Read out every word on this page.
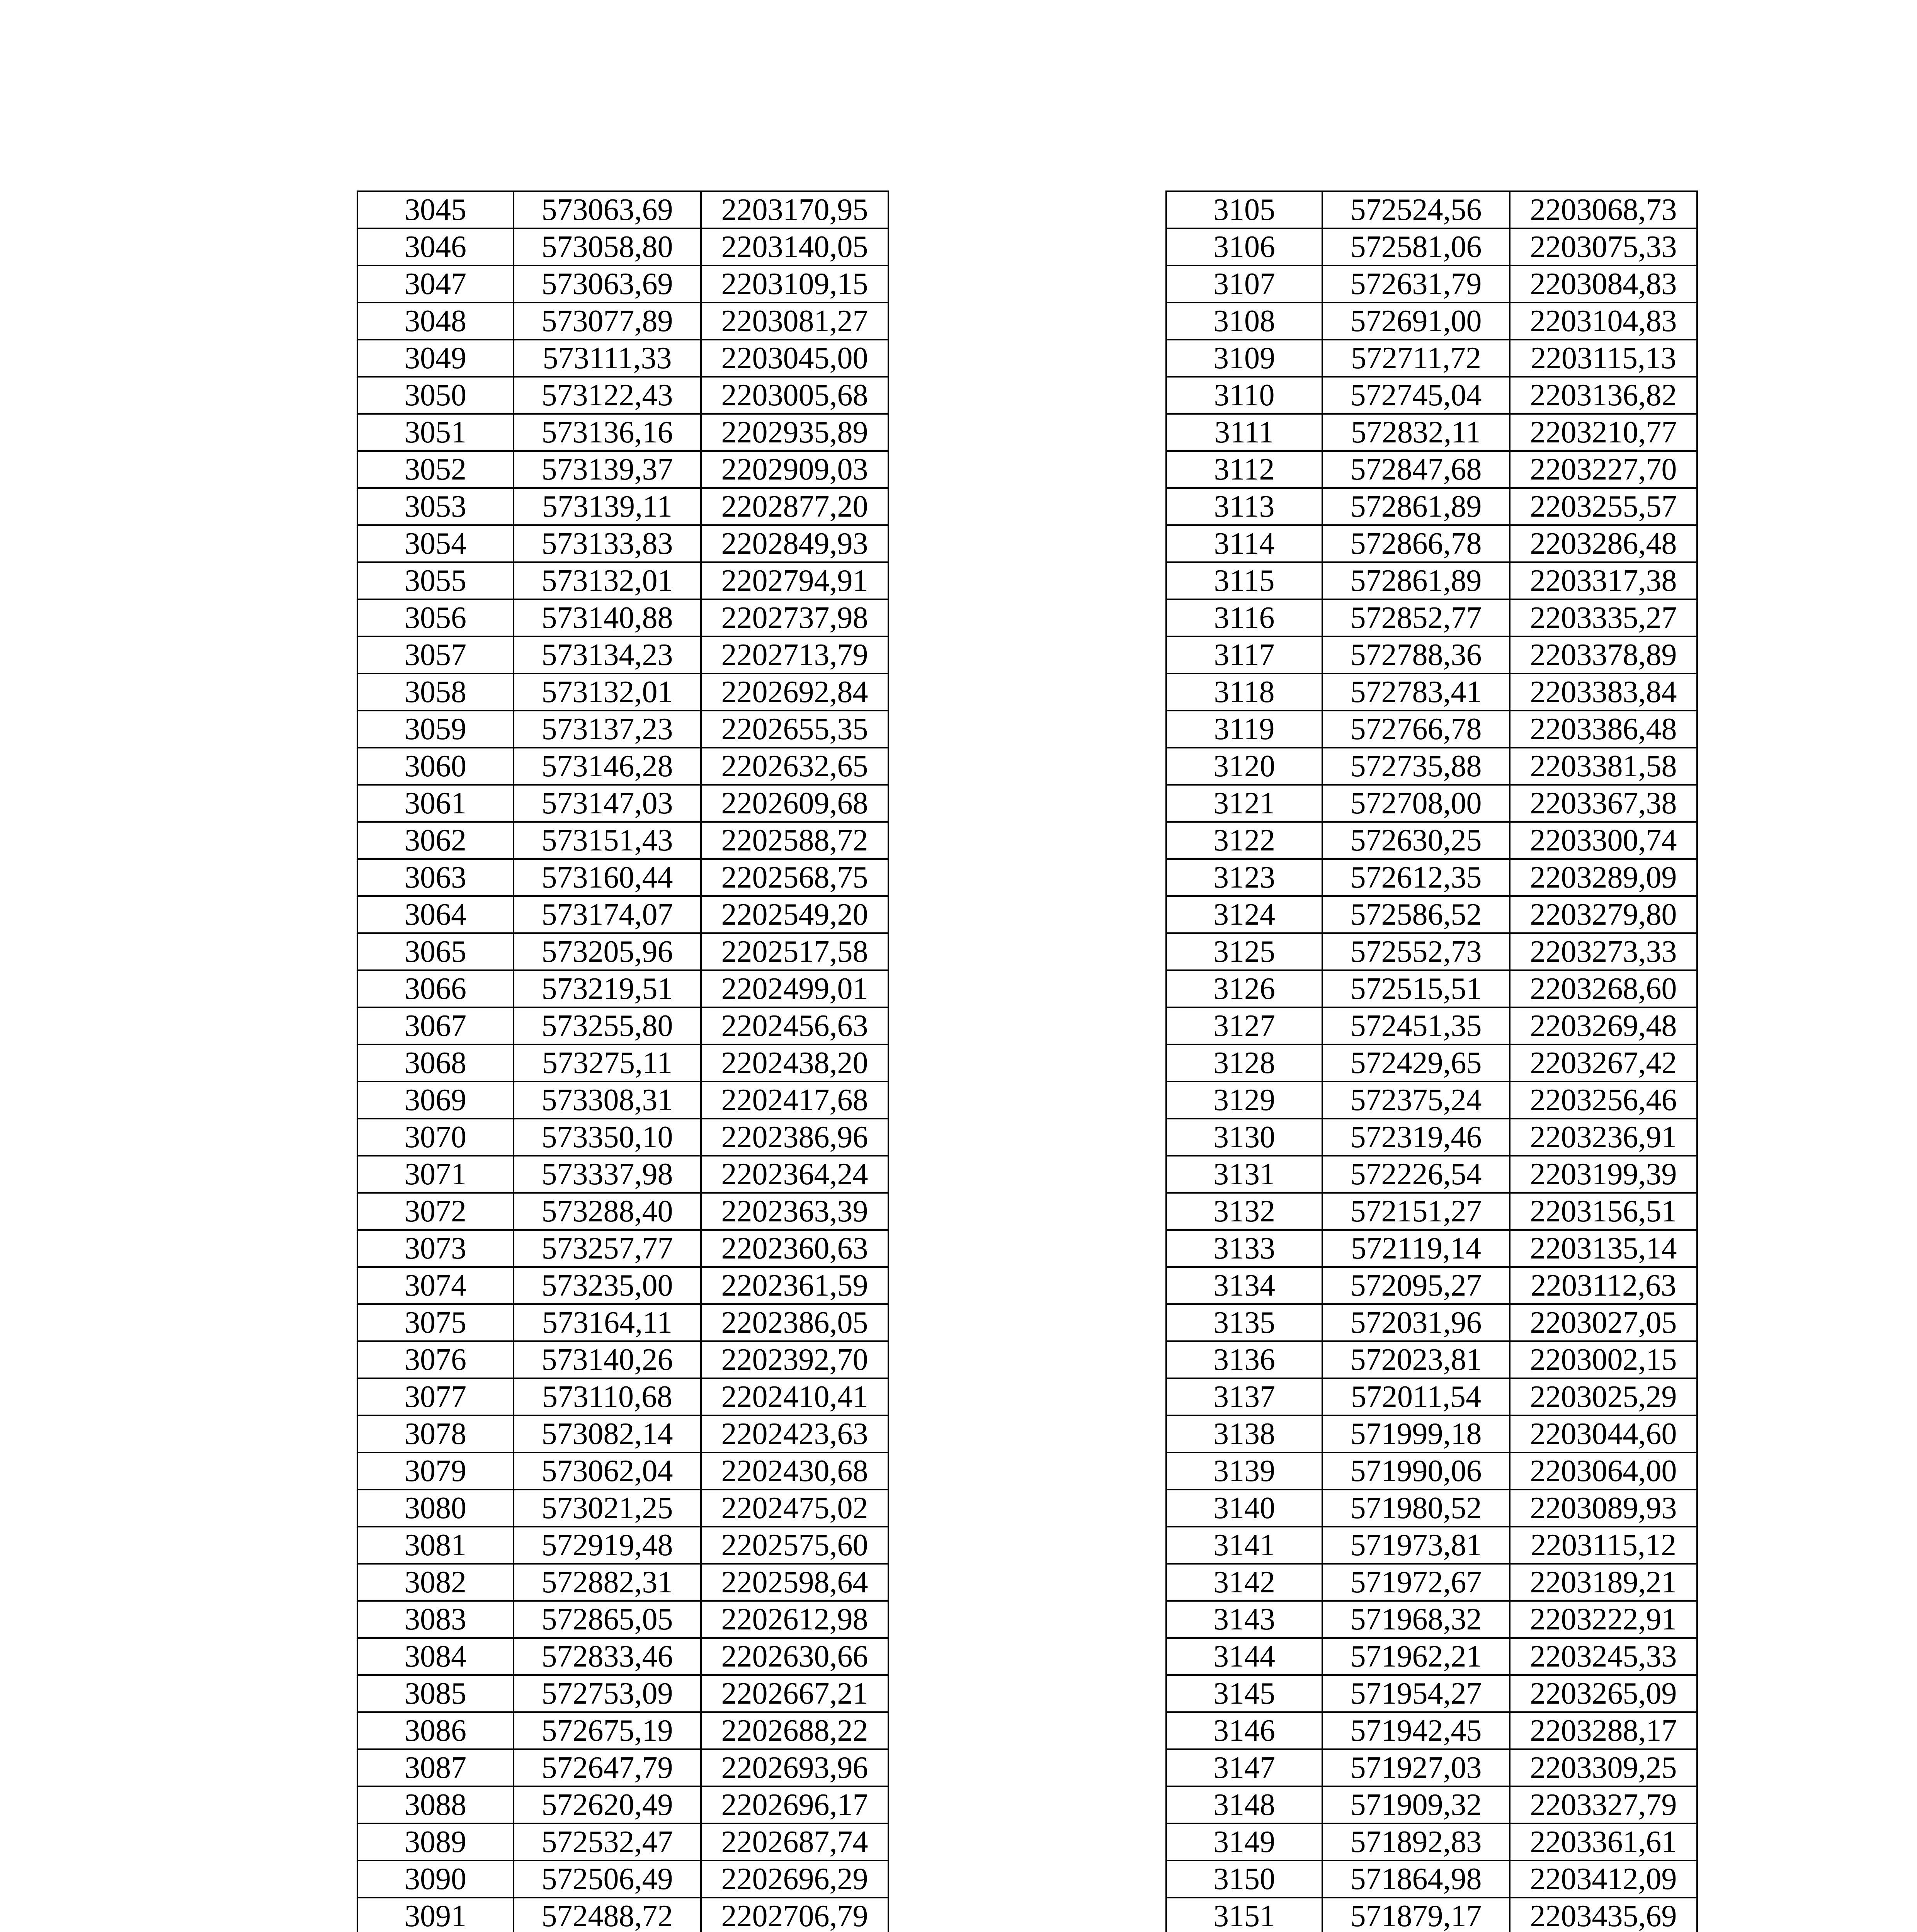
3045	573063,69	2203170,95
3046	573058,80	2203140,05
3047	573063,69	2203109,15
3048	573077,89	2203081,27
3049	573111,33	2203045,00
3050	573122,43	2203005,68
3051	573136,16	2202935,89
3052	573139,37	2202909,03
3053	573139,11	2202877,20
3054	573133,83	2202849,93
3055	573132,01	2202794,91
3056	573140,88	2202737,98
3057	573134,23	2202713,79
3058	573132,01	2202692,84
3059	573137,23	2202655,35
3060	573146,28	2202632,65
3061	573147,03	2202609,68
3062	573151,43	2202588,72
3063	573160,44	2202568,75
3064	573174,07	2202549,20
3065	573205,96	2202517,58
3066	573219,51	2202499,01
3067	573255,80	2202456,63
3068	573275,11	2202438,20
3069	573308,31	2202417,68
3070	573350,10	2202386,96
3071	573337,98	2202364,24
3072	573288,40	2202363,39
3073	573257,77	2202360,63
3074	573235,00	2202361,59
3075	573164,11	2202386,05
3076	573140,26	2202392,70
3077	573110,68	2202410,41
3078	573082,14	2202423,63
3079	573062,04	2202430,68
3080	573021,25	2202475,02
3081	572919,48	2202575,60
3082	572882,31	2202598,64
3083	572865,05	2202612,98
3084	572833,46	2202630,66
3085	572753,09	2202667,21
3086	572675,19	2202688,22
3087	572647,79	2202693,96
3088	572620,49	2202696,17
3089	572532,47	2202687,74
3090	572506,49	2202696,29
3091	572488,72	2202706,79

3105	572524,56	2203068,73
3106	572581,06	2203075,33
3107	572631,79	2203084,83
3108	572691,00	2203104,83
3109	572711,72	2203115,13
3110	572745,04	2203136,82
3111	572832,11	2203210,77
3112	572847,68	2203227,70
3113	572861,89	2203255,57
3114	572866,78	2203286,48
3115	572861,89	2203317,38
3116	572852,77	2203335,27
3117	572788,36	2203378,89
3118	572783,41	2203383,84
3119	572766,78	2203386,48
3120	572735,88	2203381,58
3121	572708,00	2203367,38
3122	572630,25	2203300,74
3123	572612,35	2203289,09
3124	572586,52	2203279,80
3125	572552,73	2203273,33
3126	572515,51	2203268,60
3127	572451,35	2203269,48
3128	572429,65	2203267,42
3129	572375,24	2203256,46
3130	572319,46	2203236,91
3131	572226,54	2203199,39
3132	572151,27	2203156,51
3133	572119,14	2203135,14
3134	572095,27	2203112,63
3135	572031,96	2203027,05
3136	572023,81	2203002,15
3137	572011,54	2203025,29
3138	571999,18	2203044,60
3139	571990,06	2203064,00
3140	571980,52	2203089,93
3141	571973,81	2203115,12
3142	571972,67	2203189,21
3143	571968,32	2203222,91
3144	571962,21	2203245,33
3145	571954,27	2203265,09
3146	571942,45	2203288,17
3147	571927,03	2203309,25
3148	571909,32	2203327,79
3149	571892,83	2203361,61
3150	571864,98	2203412,09
3151	571879,17	2203435,69
